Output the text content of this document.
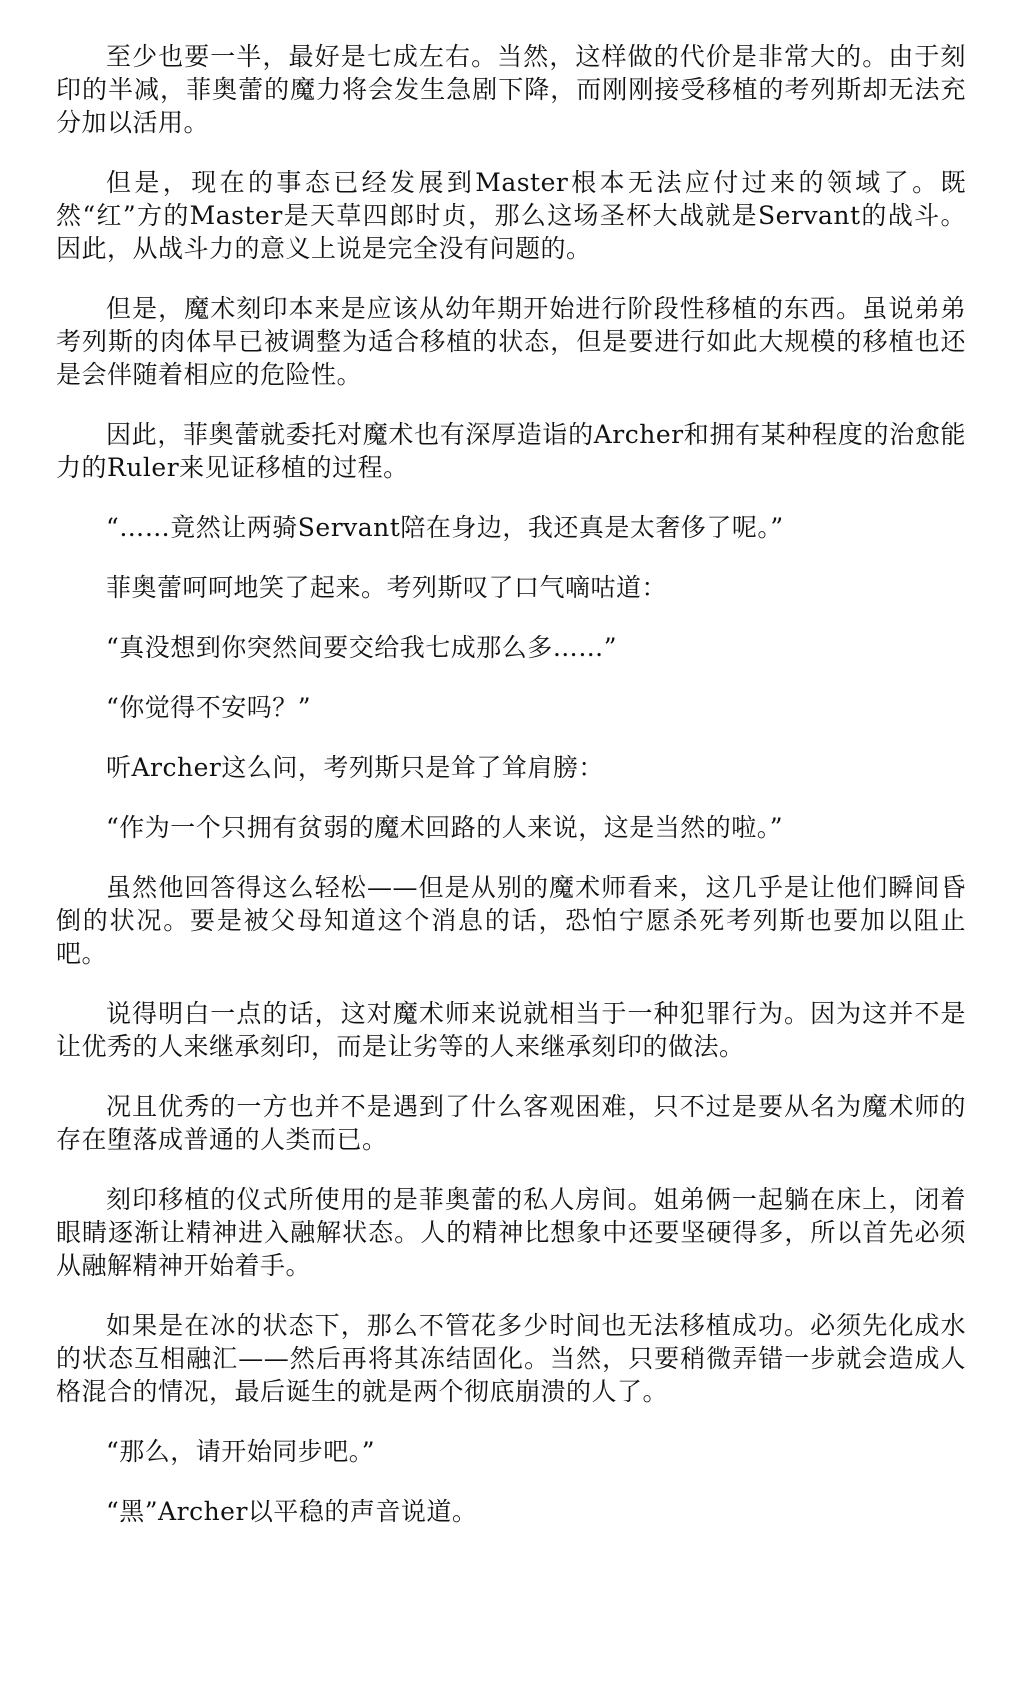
至少也要一半，最好是七成左右。当然，这样做的代价是非常大的。由于刻印的半减，菲奥蕾的魔力将会发生急剧下降，而刚刚接受移植的考列斯却无法充分加以活用。

但是，现在的事态已经发展到Master根本无法应付过来的领域了。既然“红”方的Master是天草四郎时贞，那么这场圣杯大战就是Servant的战斗。因此，从战斗力的意义上说是完全没有问题的。

但是，魔术刻印本来是应该从幼年期开始进行阶段性移植的东西。虽说弟弟考列斯的肉体早已被调整为适合移植的状态，但是要进行如此大规模的移植也还是会伴随着相应的危险性。

因此，菲奥蕾就委托对魔术也有深厚造诣的Archer和拥有某种程度的治愈能力的Ruler来见证移植的过程。

“……竟然让两骑Servant陪在身边，我还真是太奢侈了呢。”

菲奥蕾呵呵地笑了起来。考列斯叹了口气嘀咕道：

“真没想到你突然间要交给我七成那么多……”

“你觉得不安吗？”

听Archer这么问，考列斯只是耸了耸肩膀：

“作为一个只拥有贫弱的魔术回路的人来说，这是当然的啦。”

虽然他回答得这么轻松——但是从别的魔术师看来，这几乎是让他们瞬间昏倒的状况。要是被父母知道这个消息的话，恐怕宁愿杀死考列斯也要加以阻止吧。

说得明白一点的话，这对魔术师来说就相当于一种犯罪行为。因为这并不是让优秀的人来继承刻印，而是让劣等的人来继承刻印的做法。

况且优秀的一方也并不是遇到了什么客观困难，只不过是要从名为魔术师的存在堕落成普通的人类而已。

刻印移植的仪式所使用的是菲奥蕾的私人房间。姐弟俩一起躺在床上，闭着眼睛逐渐让精神进入融解状态。人的精神比想象中还要坚硬得多，所以首先必须从融解精神开始着手。

如果是在冰的状态下，那么不管花多少时间也无法移植成功。必须先化成水的状态互相融汇——然后再将其冻结固化。当然，只要稍微弄错一步就会造成人格混合的情况，最后诞生的就是两个彻底崩溃的人了。

“那么，请开始同步吧。”

“黑”Archer以平稳的声音说道。
